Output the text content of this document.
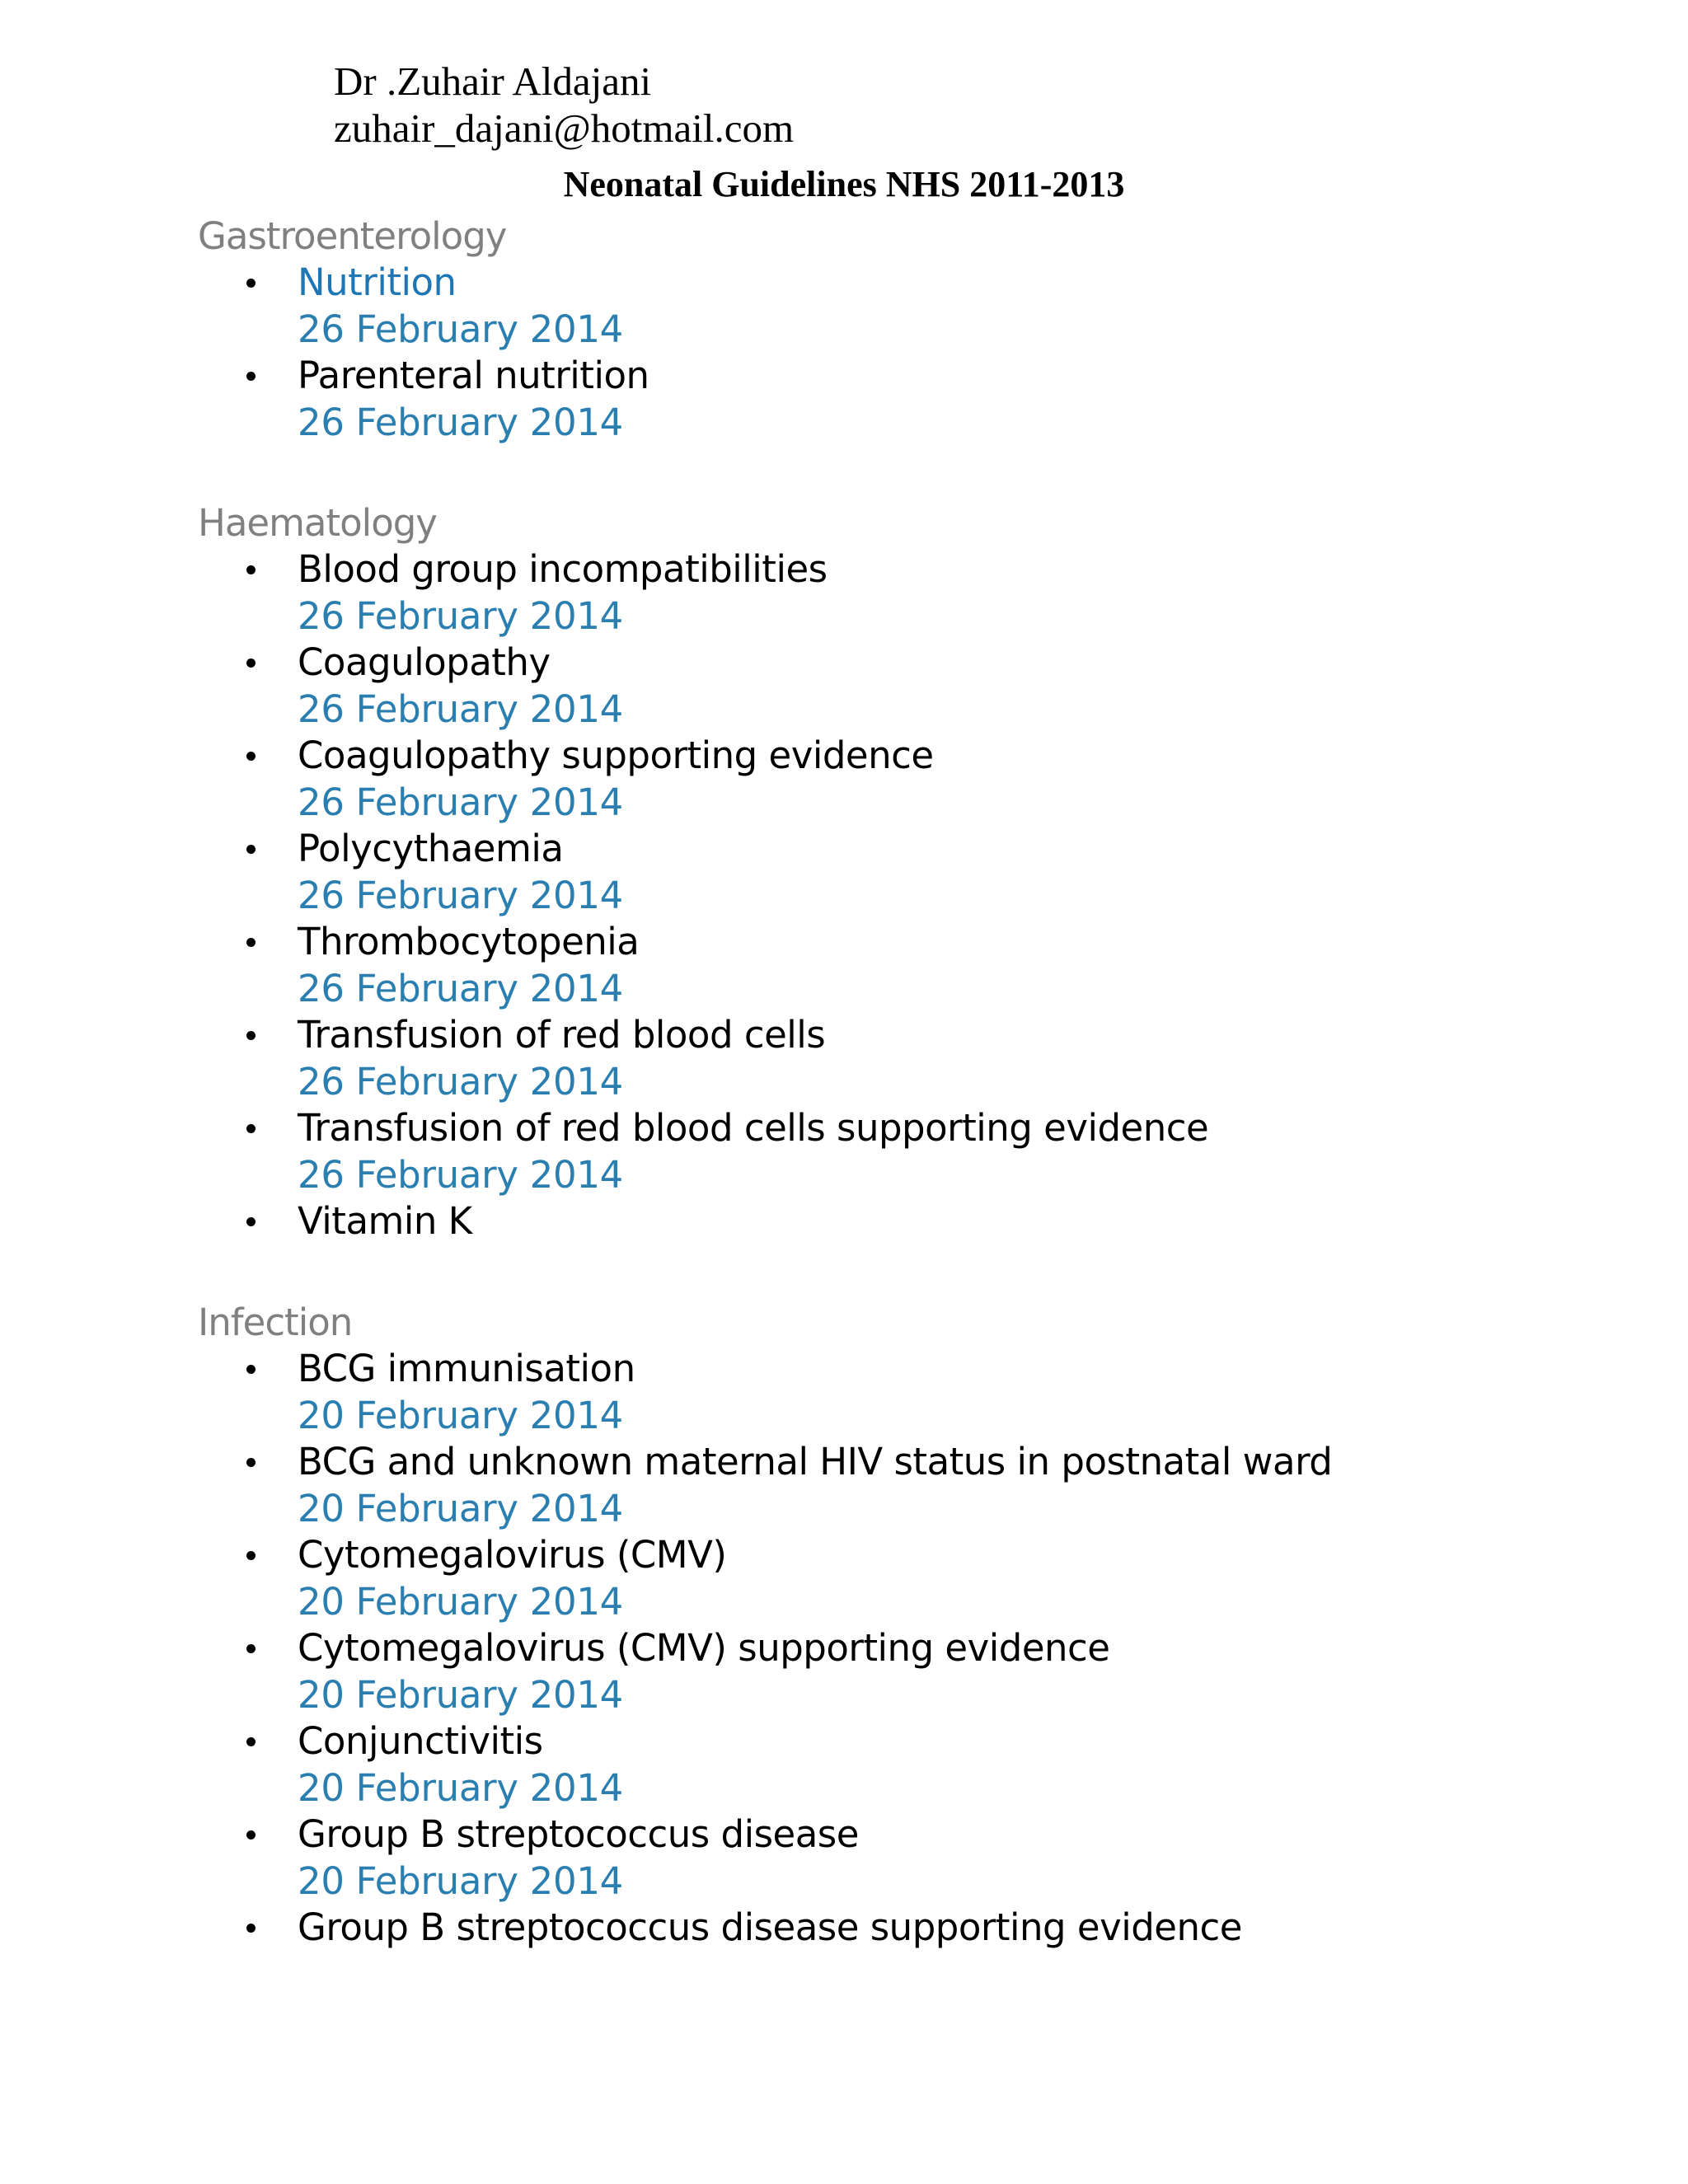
Dr .Zuhair Aldajani
zuhair_dajani@hotmail.com
Neonatal Guidelines NHS 2011-2013
Gastroenterology
Nutrition
26 February 2014
Parenteral nutrition
26 February 2014
Haematology
Blood group incompatibilities
26 February 2014
Coagulopathy
26 February 2014
Coagulopathy supporting evidence
26 February 2014
Polycythaemia
26 February 2014
Thrombocytopenia
26 February 2014
Transfusion of red blood cells
26 February 2014
Transfusion of red blood cells supporting evidence
26 February 2014
Vitamin K
Infection
BCG immunisation
20 February 2014
BCG and unknown maternal HIV status in postnatal ward
20 February 2014
Cytomegalovirus (CMV)
20 February 2014
Cytomegalovirus (CMV) supporting evidence
20 February 2014
Conjunctivitis
20 February 2014
Group B streptococcus disease
20 February 2014
Group B streptococcus disease supporting evidence
